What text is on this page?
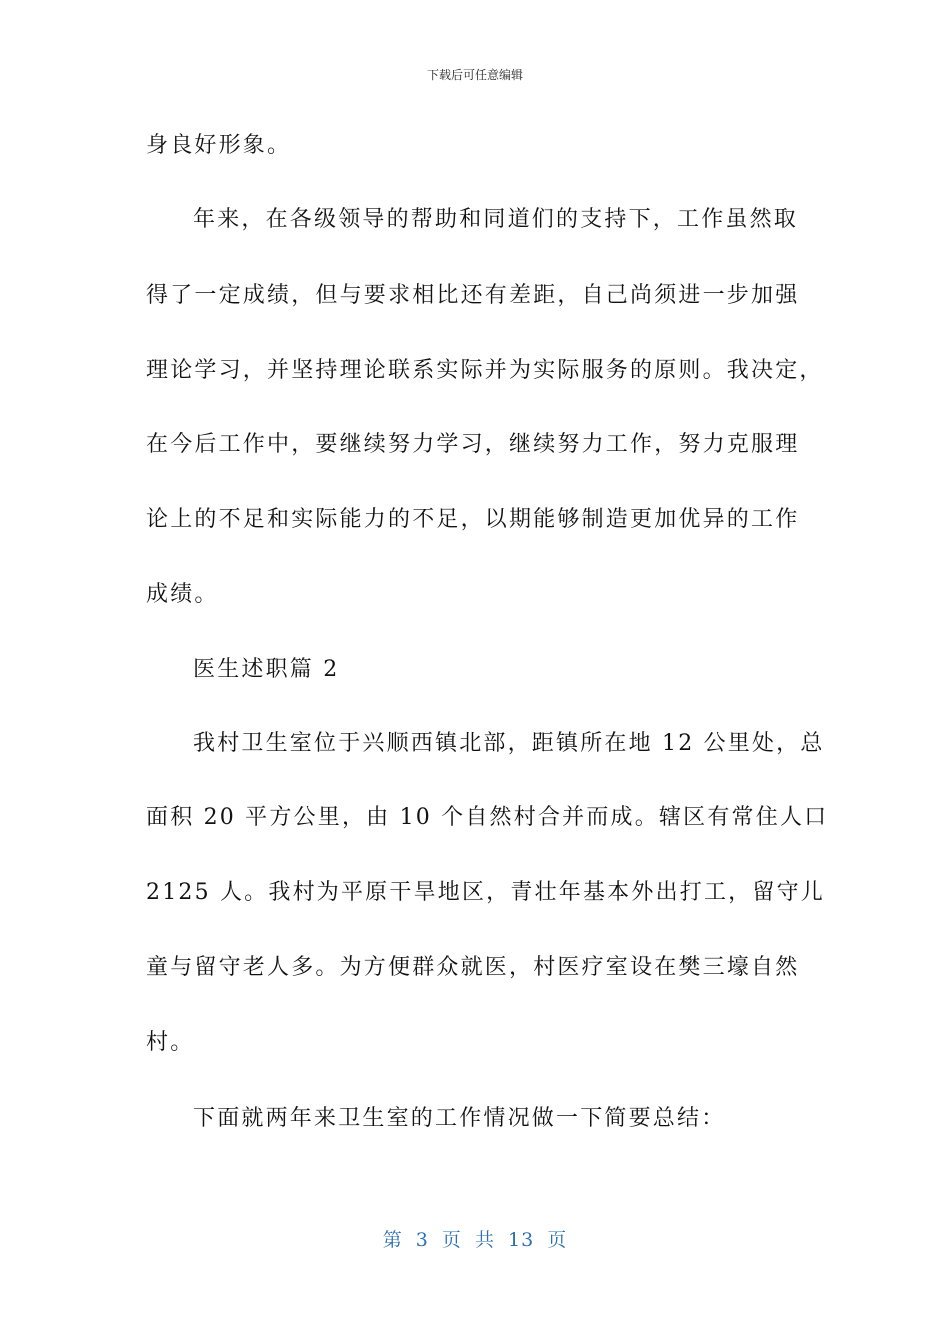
下载后可任意编辑
身良好形象。
年来，在各级领导的帮助和同道们的支持下，工作虽然取
得了一定成绩，但与要求相比还有差距，自己尚须进一步加强
理论学习，并坚持理论联系实际并为实际服务的原则。我决定，
在今后工作中，要继续努力学习，继续努力工作，努力克服理
论上的不足和实际能力的不足，以期能够制造更加优异的工作
成绩。
医生述职篇 2
我村卫生室位于兴顺西镇北部，距镇所在地 12 公里处，总
面积 20 平方公里，由 10 个自然村合并而成。辖区有常住人口
2125 人。我村为平原干旱地区，青壮年基本外出打工，留守儿
童与留守老人多。为方便群众就医，村医疗室设在樊三壕自然
村。
下面就两年来卫生室的工作情况做一下简要总结：
第 3 页 共 13 页
